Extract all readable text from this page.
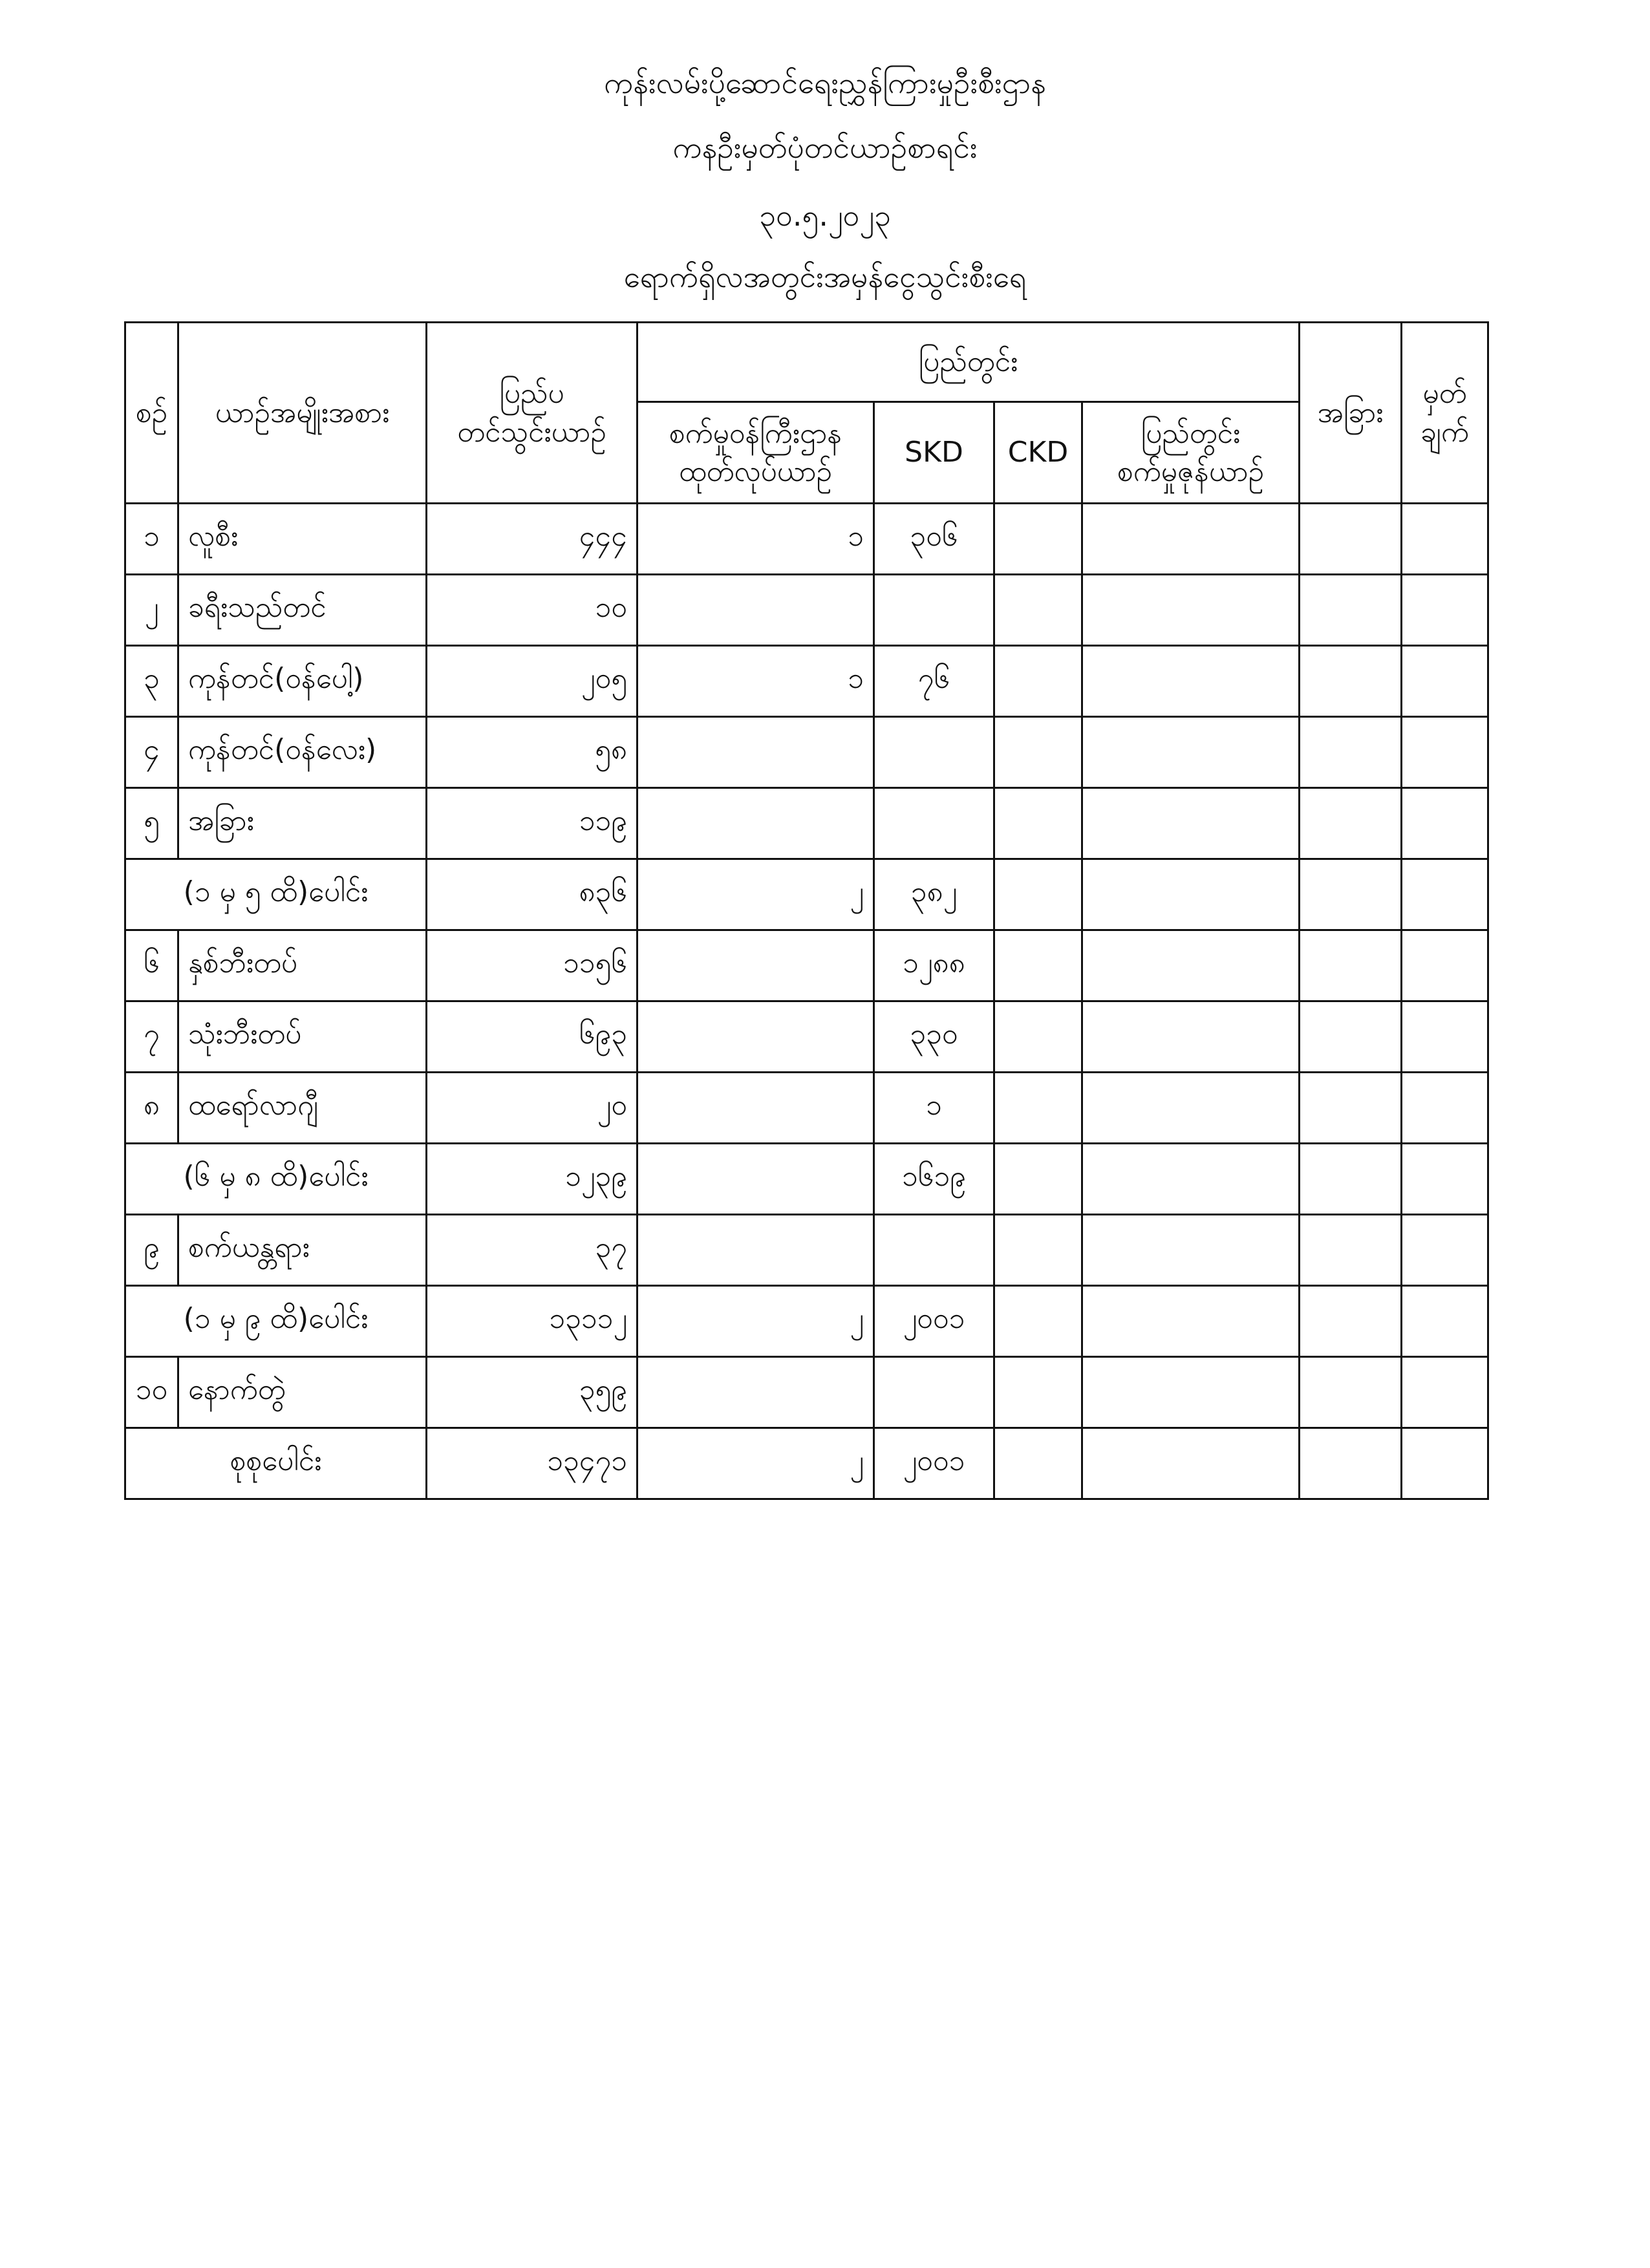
ကုန်းလမ်းပို့ဆောင်ရေးညွှန်ကြားမှုဦးစီးဌာန
ကနဦးမှတ်ပုံတင်ယာဉ်စာရင်း
၃၀.၅.၂၀၂၃
ရောက်ရှိလအတွင်းအမှန်ငွေသွင်းစီးရေ
စဉ်	ယာဉ်အမျိုးအစား	ပြည်ပ
တင်သွင်းယာဉ်	ပြည်တွင်း				အခြား	မှတ်
ချက်
			စက်မှုဝန်ကြီးဌာန
ထုတ်လုပ်ယာဉ်	SKD	CKD	ပြည်တွင်း
စက်မှုဇုန်ယာဉ်		
၁	လူစီး	၄၄၄	၁	၃၀၆				
၂	ခရီးသည်တင်	၁၀						
၃	ကုန်တင်(ဝန်ပေါ့)	၂၀၅	၁	၇၆				
၄	ကုန်တင်(ဝန်လေး)	၅၈						
၅	အခြား	၁၁၉						
(၁ မှ ၅ ထိ)ပေါင်း		၈၃၆	၂	၃၈၂				
၆	နှစ်ဘီးတပ်	၁၁၅၆		၁၂၈၈				
၇	သုံးဘီးတပ်	၆၉၃		၃၃၀				
၈	ထရော်လာဂျီ	၂၀		၁				
(၆ မှ ၈ ထိ)ပေါင်း		၁၂၃၉		၁၆၁၉				
၉	စက်ယန္တရား	၃၇						
(၁ မှ ၉ ထိ)ပေါင်း		၁၃၁၁၂	၂	၂၀၀၁				
၁၀	နောက်တွဲ	၃၅၉						
စုစုပေါင်း		၁၃၄၇၁	၂	၂၀၀၁				
